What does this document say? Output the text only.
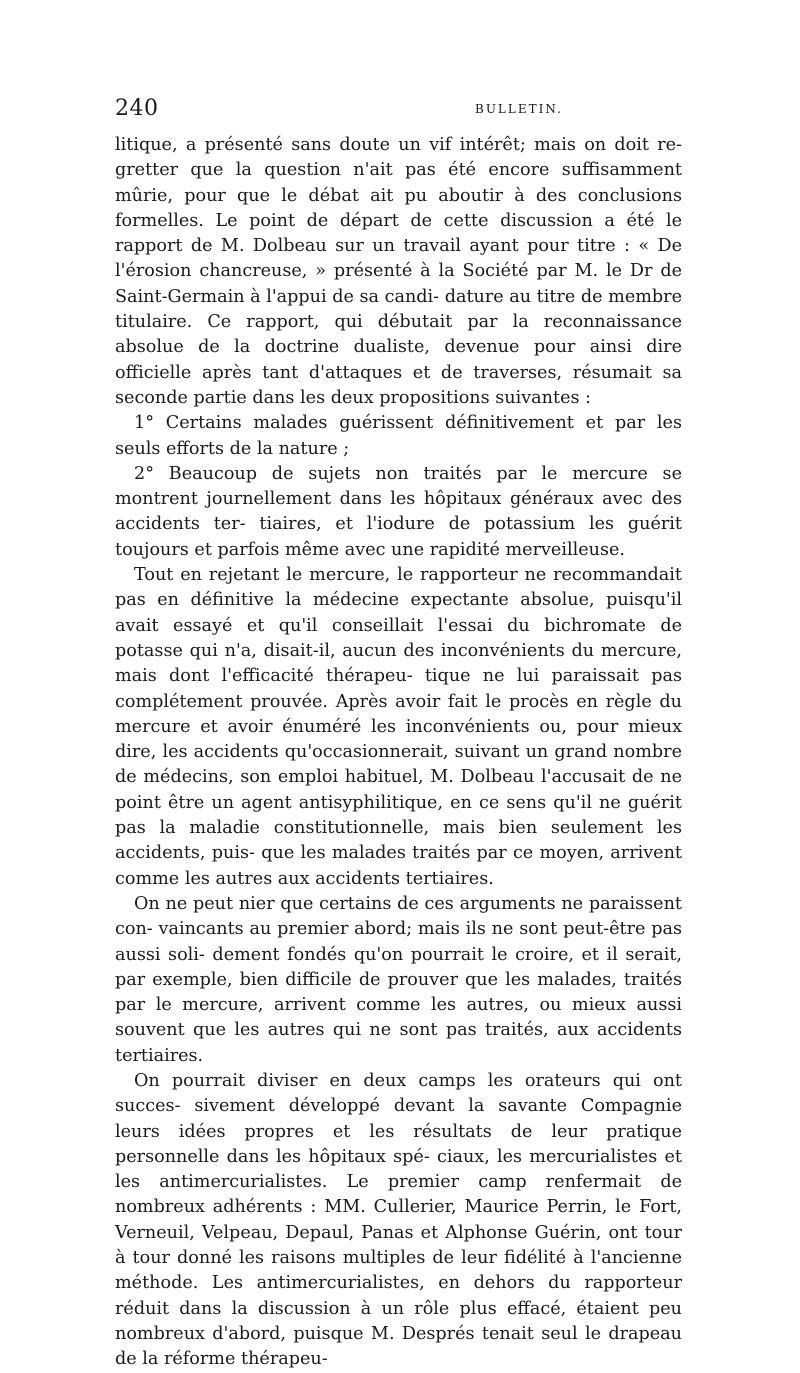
240	BULLETIN.

litique, a présenté sans doute un vif intérêt; mais on doit re- gretter que la question n'ait pas été encore suffisamment mûrie, pour que le débat ait pu aboutir à des conclusions formelles. Le point de départ de cette discussion a été le rapport de M. Dolbeau sur un travail ayant pour titre : « De l'érosion chancreuse, » présenté à la Société par M. le Dr de Saint-Germain à l'appui de sa candi- dature au titre de membre titulaire. Ce rapport, qui débutait par la reconnaissance absolue de la doctrine dualiste, devenue pour ainsi dire officielle après tant d'attaques et de traverses, résumait sa seconde partie dans les deux propositions suivantes :

1° Certains malades guérissent définitivement et par les seuls efforts de la nature ;

2° Beaucoup de sujets non traités par le mercure se montrent journellement dans les hôpitaux généraux avec des accidents ter- tiaires, et l'iodure de potassium les guérit toujours et parfois même avec une rapidité merveilleuse.

Tout en rejetant le mercure, le rapporteur ne recommandait pas en définitive la médecine expectante absolue, puisqu'il avait essayé et qu'il conseillait l'essai du bichromate de potasse qui n'a, disait-il, aucun des inconvénients du mercure, mais dont l'efficacité thérapeu- tique ne lui paraissait pas complétement prouvée. Après avoir fait le procès en règle du mercure et avoir énuméré les inconvénients ou, pour mieux dire, les accidents qu'occasionnerait, suivant un grand nombre de médecins, son emploi habituel, M. Dolbeau l'accusait de ne point être un agent antisyphilitique, en ce sens qu'il ne guérit pas la maladie constitutionnelle, mais bien seulement les accidents, puis- que les malades traités par ce moyen, arrivent comme les autres aux accidents tertiaires.

On ne peut nier que certains de ces arguments ne paraissent con- vaincants au premier abord; mais ils ne sont peut-être pas aussi soli- dement fondés qu'on pourrait le croire, et il serait, par exemple, bien difficile de prouver que les malades, traités par le mercure, arrivent comme les autres, ou mieux aussi souvent que les autres qui ne sont pas traités, aux accidents tertiaires.

On pourrait diviser en deux camps les orateurs qui ont succes- sivement développé devant la savante Compagnie leurs idées propres et les résultats de leur pratique personnelle dans les hôpitaux spé- ciaux, les mercurialistes et les antimercurialistes. Le premier camp renfermait de nombreux adhérents : MM. Cullerier, Maurice Perrin, le Fort, Verneuil, Velpeau, Depaul, Panas et Alphonse Guérin, ont tour à tour donné les raisons multiples de leur fidélité à l'ancienne méthode. Les antimercurialistes, en dehors du rapporteur réduit dans la discussion à un rôle plus effacé, étaient peu nombreux d'abord, puisque M. Després tenait seul le drapeau de la réforme thérapeu-
